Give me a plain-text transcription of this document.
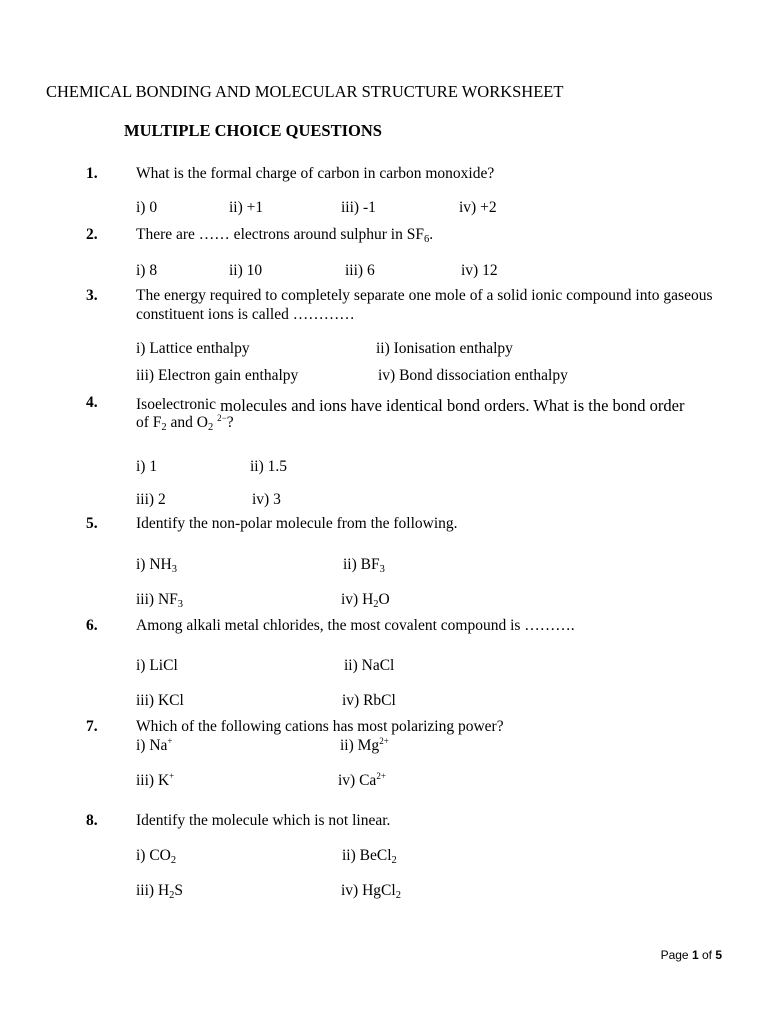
CHEMICAL BONDING AND MOLECULAR STRUCTURE WORKSHEET
MULTIPLE CHOICE QUESTIONS
1. What is the formal charge of carbon in carbon monoxide?
i) 0	ii) +1	iii) -1	iv) +2
2. There are …… electrons around sulphur in $SF_6$.
i) 8	ii) 10	iii) 6	iv) 12
3. The energy required to completely separate one mole of a solid ionic compound into gaseous constituent ions is called …………
i) Lattice enthalpy	ii) Ionisation enthalpy
iii) Electron gain enthalpy	iv) Bond dissociation enthalpy
4. Isoelectronic molecules and ions have identical bond orders. What is the bond order
of $F_2$ and $O_2$ $^{2-}$?
i) 1	ii) 1.5
iii) 2	iv) 3
5. Identify the non-polar molecule from the following.
i) $NH_3$	ii) $BF_3$
iii) $NF_3$	iv) $H_2O$
6. Among alkali metal chlorides, the most covalent compound is ……….
i) LiCl	ii) NaCl
iii) KCl	iv) RbCl
7. Which of the following cations has most polarizing power?
i) Na+	ii) $Mg^{2+}$
iii) K+	iv) $Ca^{2+}$
8. Identify the molecule which is not linear.
i) $CO_2$	ii) BeCl$_2$
iii) $H_2S$	iv) HgCl$_2$
Page 1 of 5
